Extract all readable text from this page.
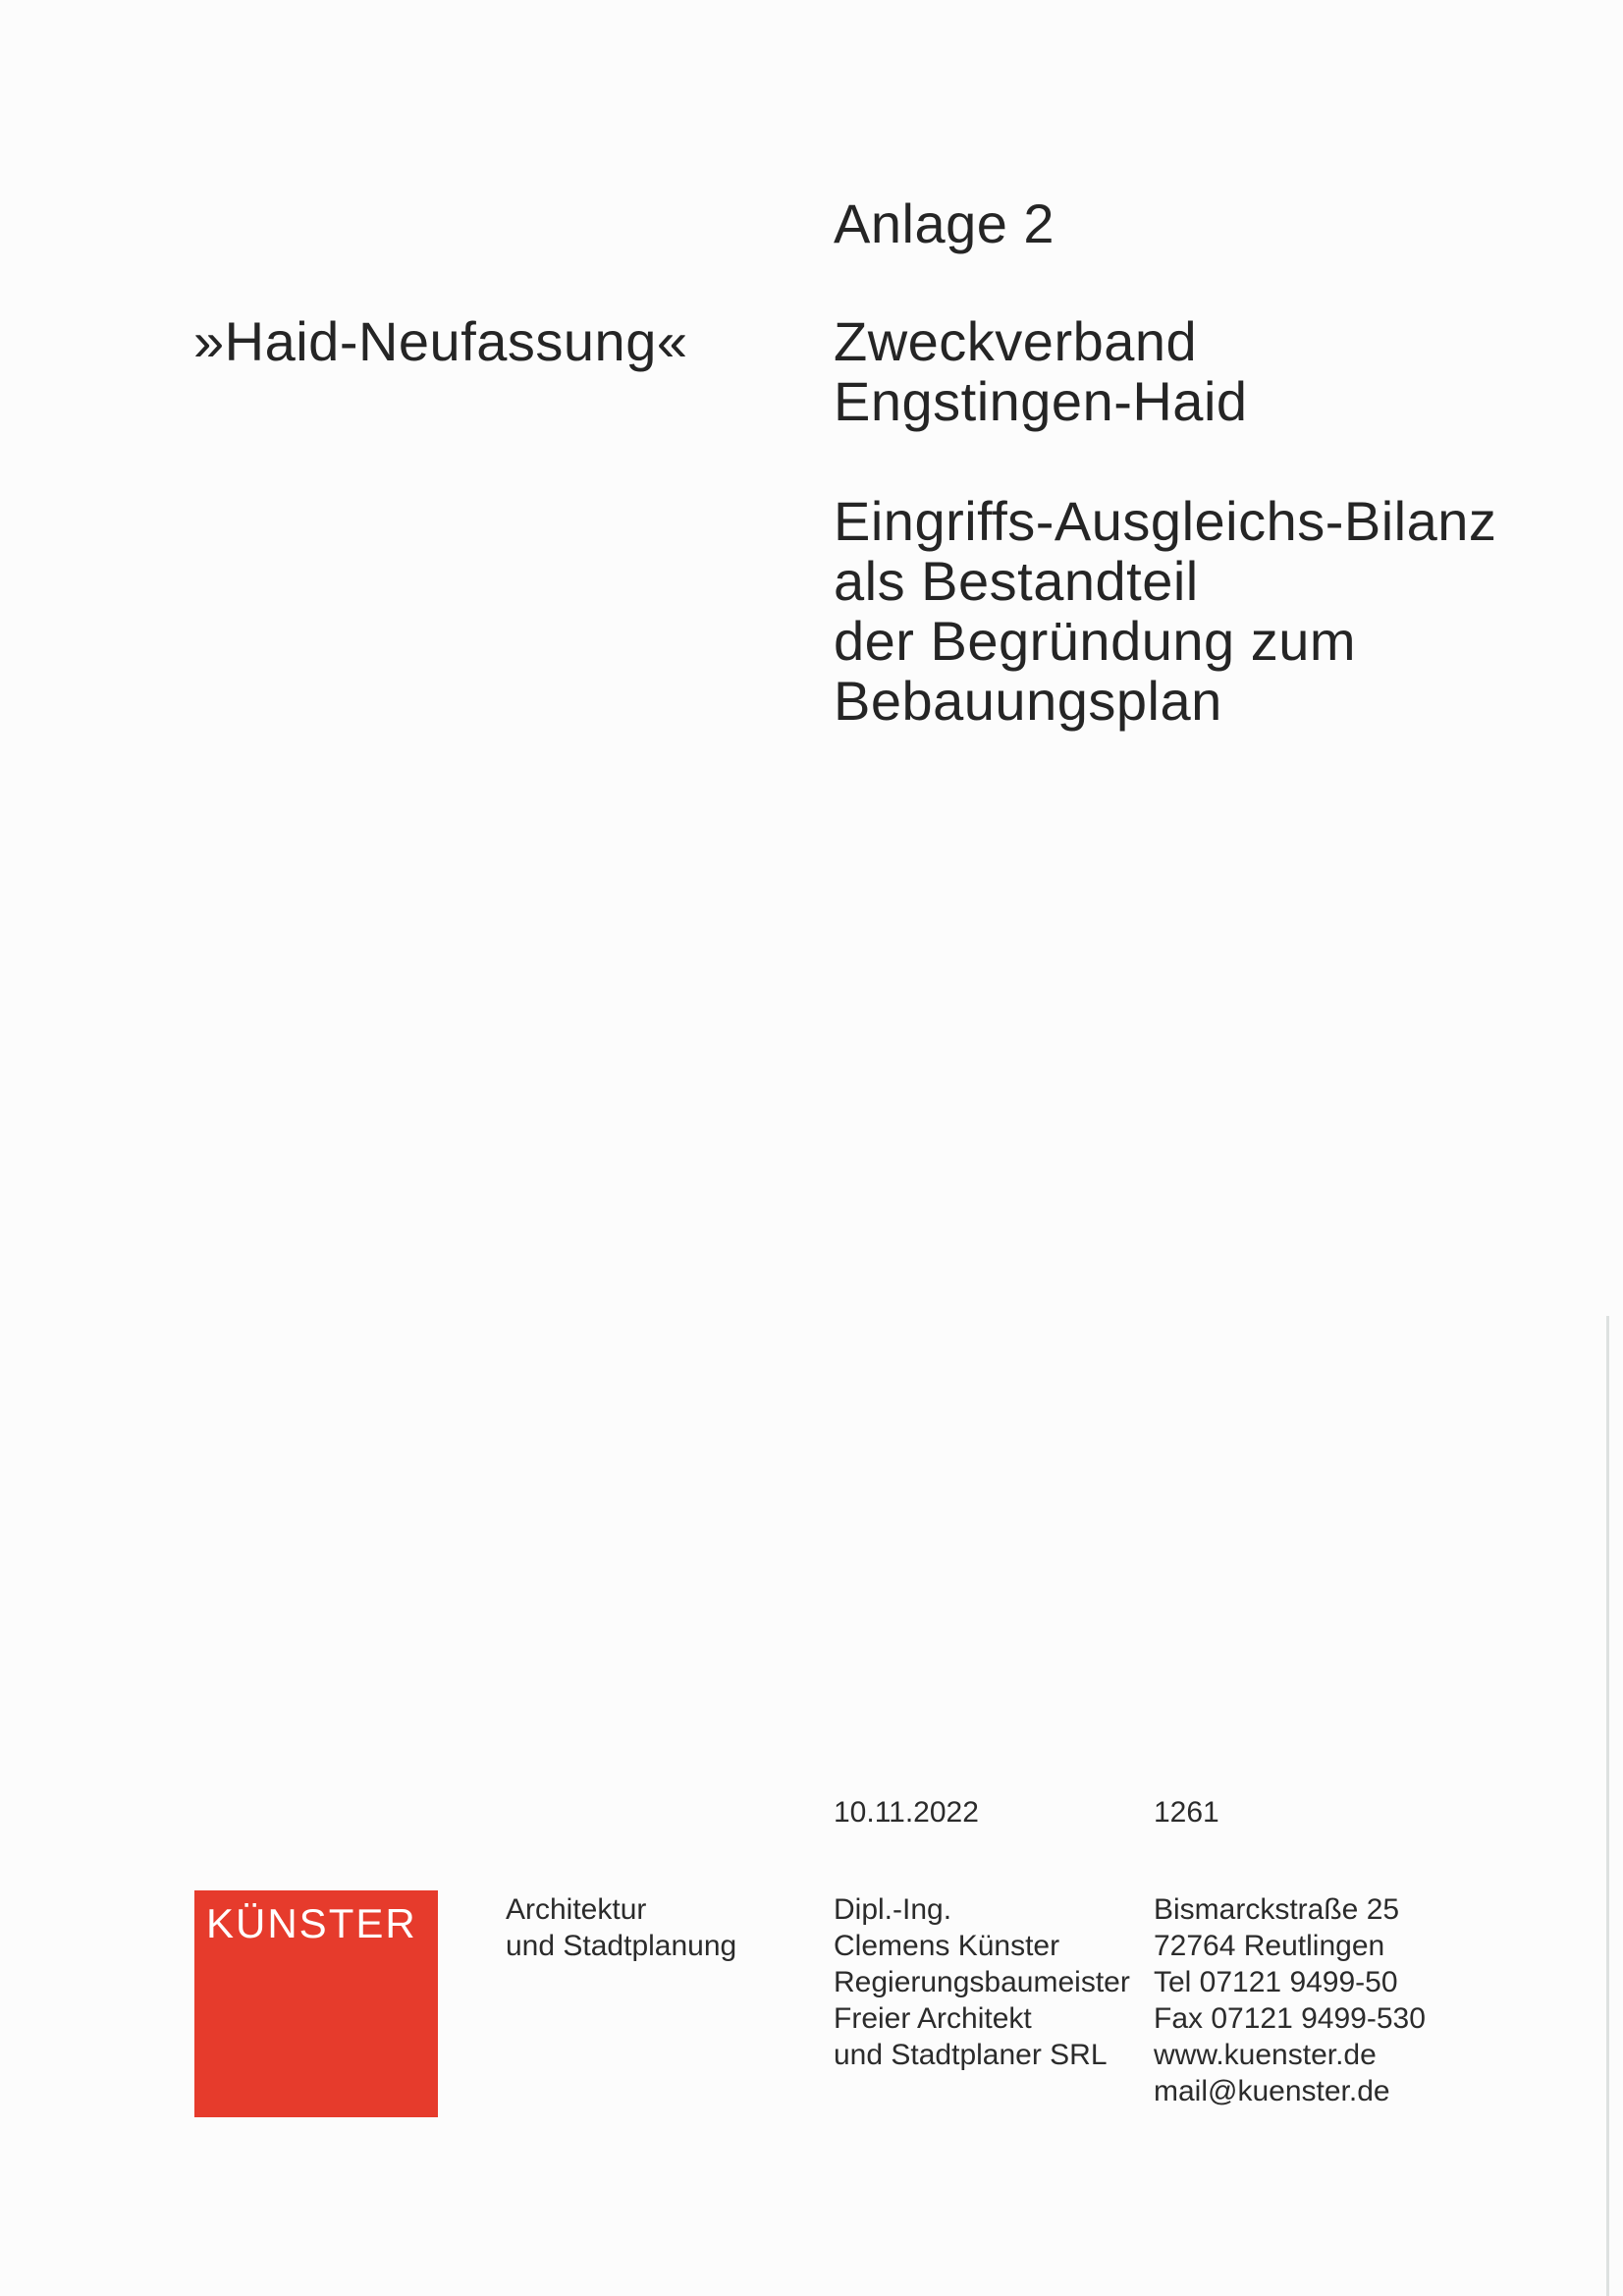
Anlage 2
»Haid-Neufassung«	Zweckverband
Engstingen-Haid
Eingriffs-Ausgleichs-Bilanz
als Bestandteil
der Begründung zum
Bebauungsplan
10.11.2022	1261
KÜNSTER	Architektur
und Stadtplanung
Dipl.-Ing.
Clemens Künster
Regierungsbaumeister
Freier Architekt
und Stadtplaner SRL
Bismarckstraße 25
72764 Reutlingen
Tel 07121 9499-50
Fax 07121 9499-530
www.kuenster.de
mail@kuenster.de
